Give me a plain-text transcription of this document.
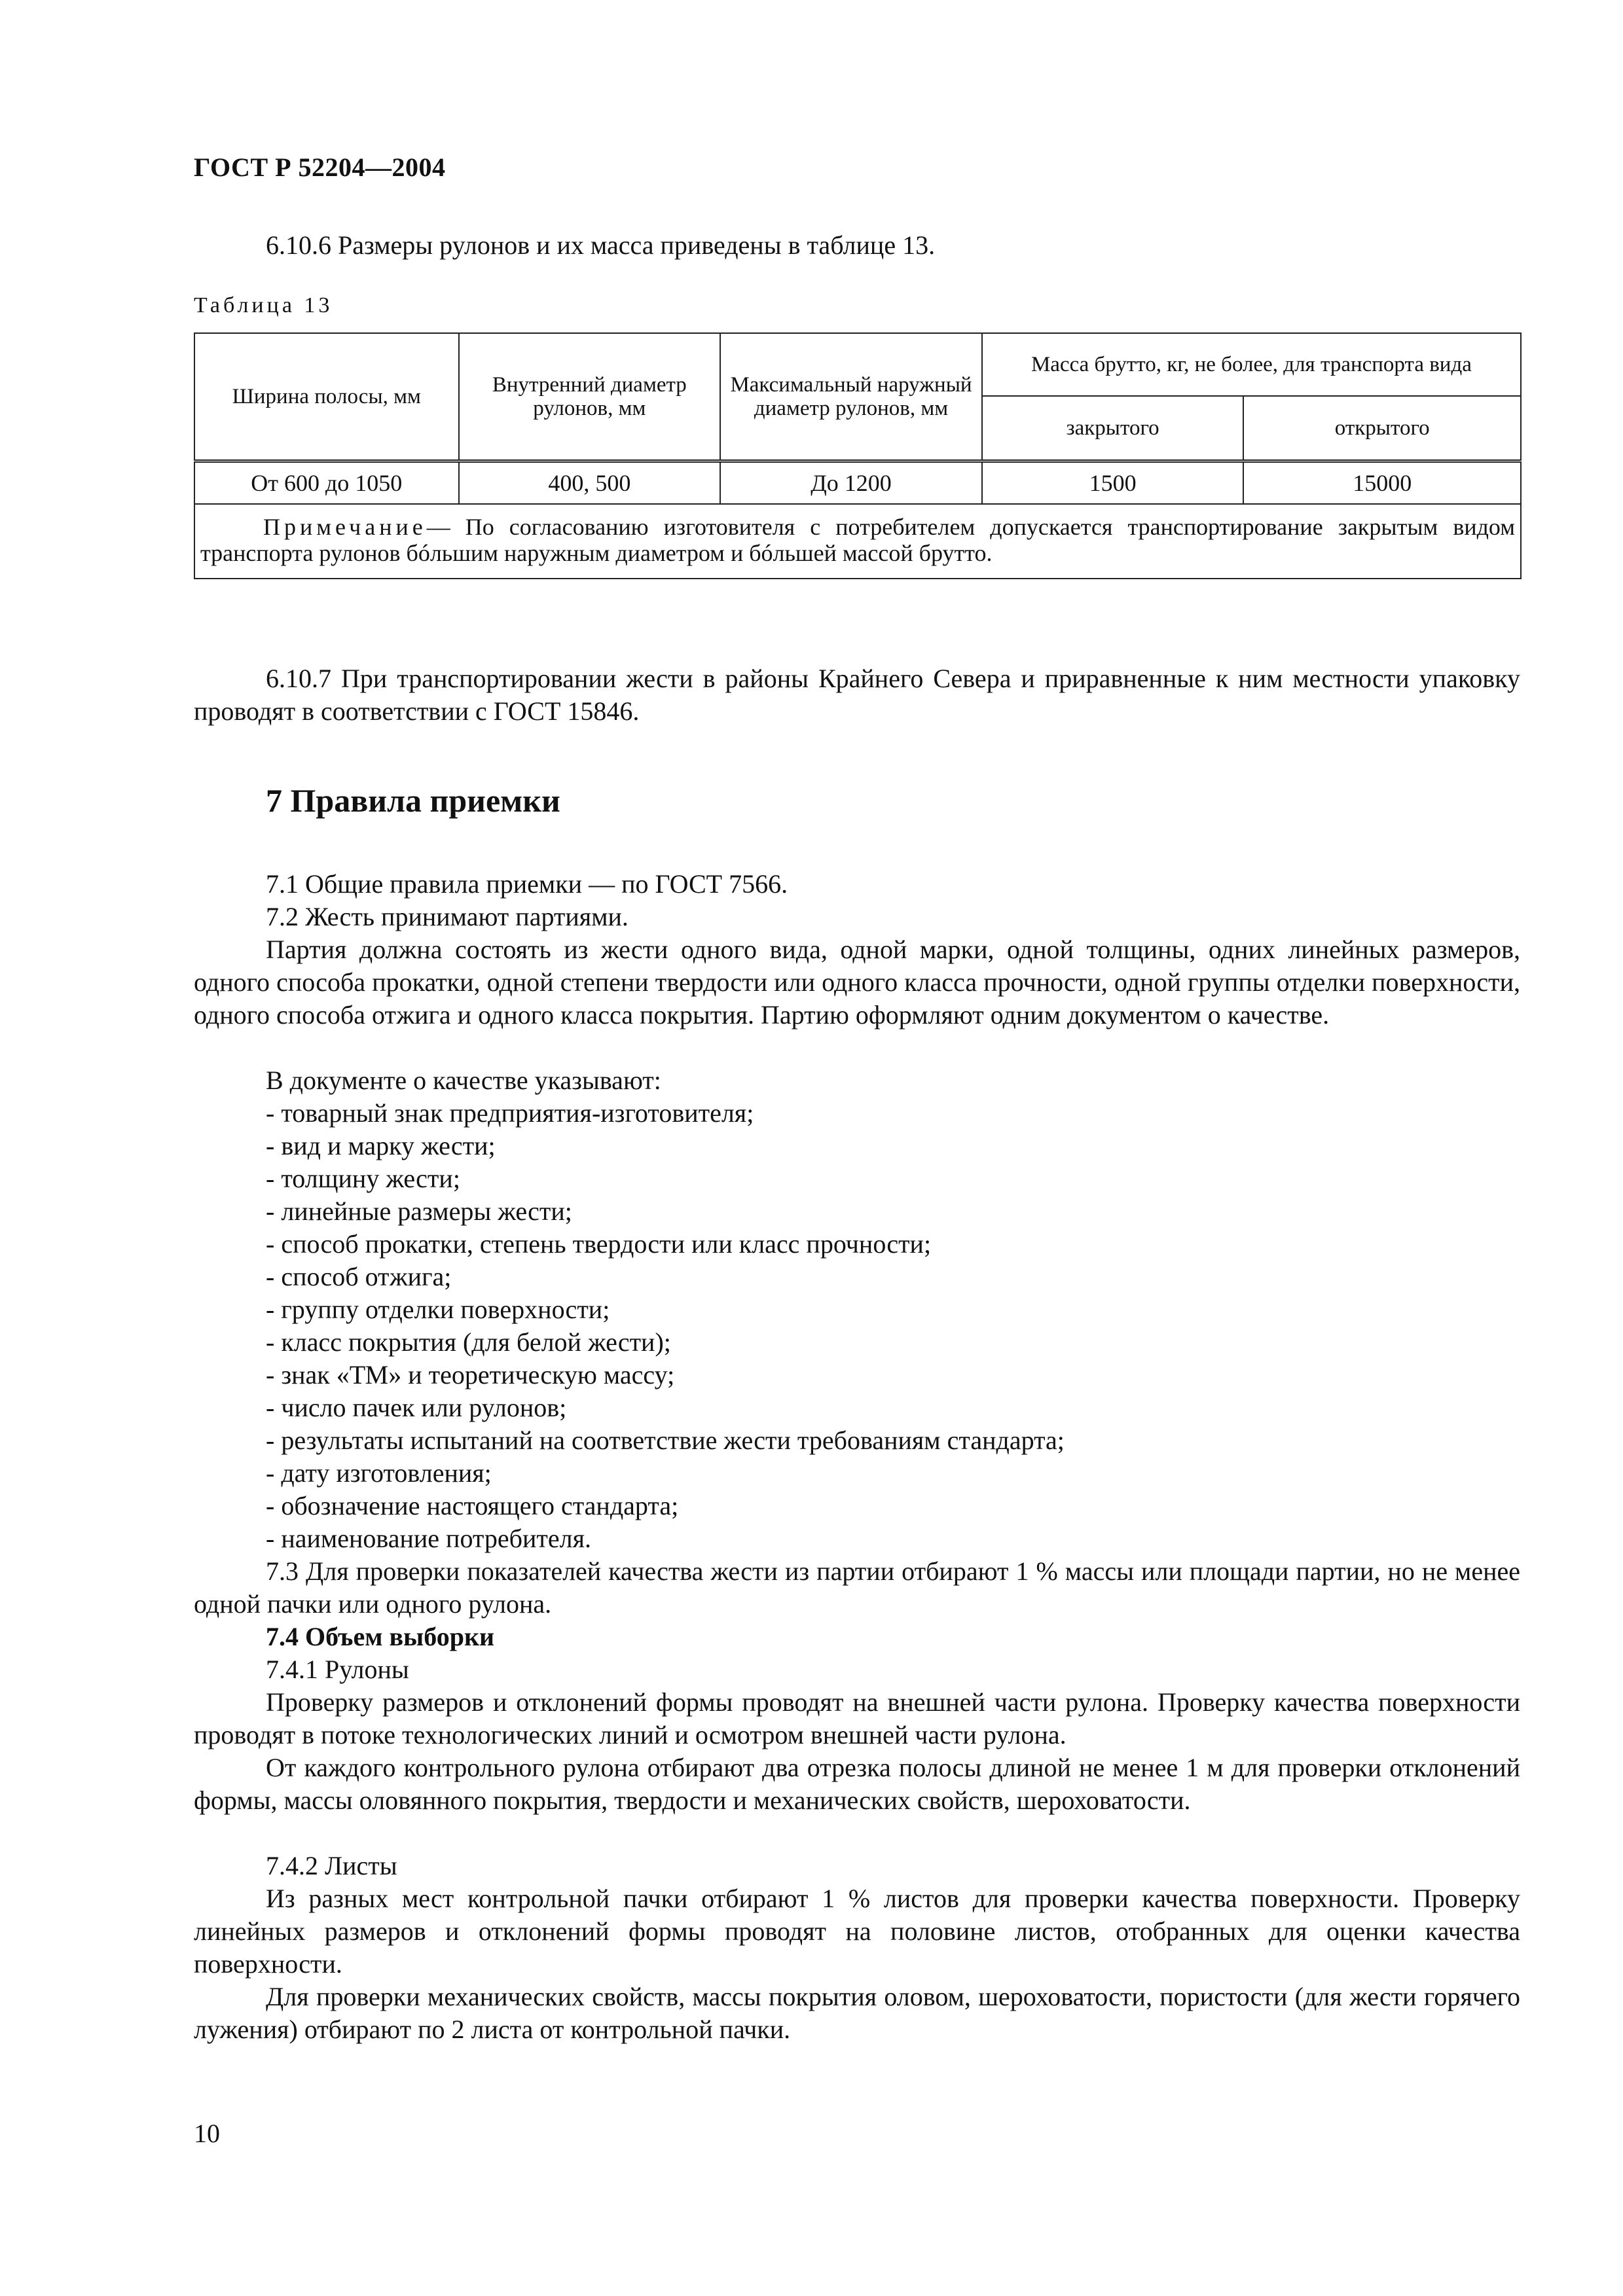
ГОСТ Р 52204—2004
6.10.6 Размеры рулонов и их масса приведены в таблице 13.
Таблица 13
Ширина полосы, мм	Внутренний диаметр рулонов, мм	Максимальный наружный диаметр рулонов, мм	Масса брутто, кг, не более, для транспорта вида	
			закрытого	открытого
От 600 до 1050	400, 500	До 1200	1500	15000
Примечание— По согласованию изготовителя с потребителем допускается транспортирование закрытым видом транспорта рулонов бóльшим наружным диаметром и бóльшей массой брутто.				
6.10.7 При транспортировании жести в районы Крайнего Севера и приравненные к ним местности упаковку проводят в соответствии с ГОСТ 15846.
7 Правила приемки
7.1 Общие правила приемки — по ГОСТ 7566.
7.2 Жесть принимают партиями.
Партия должна состоять из жести одного вида, одной марки, одной толщины, одних линейных размеров, одного способа прокатки, одной степени твердости или одного класса прочности, одной группы отделки поверхности, одного способа отжига и одного класса покрытия. Партию оформляют одним документом о качестве.
В документе о качестве указывают:
- товарный знак предприятия-изготовителя;
- вид и марку жести;
- толщину жести;
- линейные размеры жести;
- способ прокатки, степень твердости или класс прочности;
- способ отжига;
- группу отделки поверхности;
- класс покрытия (для белой жести);
- знак «ТМ» и теоретическую массу;
- число пачек или рулонов;
- результаты испытаний на соответствие жести требованиям стандарта;
- дату изготовления;
- обозначение настоящего стандарта;
- наименование потребителя.
7.3 Для проверки показателей качества жести из партии отбирают 1 % массы или площади партии, но не менее одной пачки или одного рулона.
7.4 Объем выборки
7.4.1 Рулоны
Проверку размеров и отклонений формы проводят на внешней части рулона. Проверку качества поверхности проводят в потоке технологических линий и осмотром внешней части рулона.
От каждого контрольного рулона отбирают два отрезка полосы длиной не менее 1 м для проверки отклонений формы, массы оловянного покрытия, твердости и механических свойств, шероховатости.
7.4.2 Листы
Из разных мест контрольной пачки отбирают 1 % листов для проверки качества поверхности. Проверку линейных размеров и отклонений формы проводят на половине листов, отобранных для оценки качества поверхности.
Для проверки механических свойств, массы покрытия оловом, шероховатости, пористости (для жести горячего лужения) отбирают по 2 листа от контрольной пачки.
10
